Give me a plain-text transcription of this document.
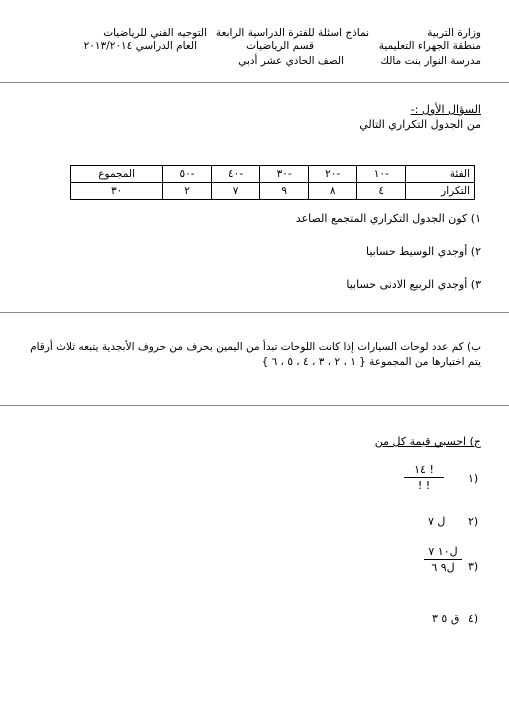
وزارة التربية
منطقة الجهراء التعليمية
مدرسة النوار بنت مالك
نماذج اسئلة للفترة الدراسية الرابعة
قسم الرياضيات
الصف الحادي عشر أدبي
التوجيه الفني للرياضيات
العام الدراسي ٢٠١٣/٢٠١٤
السؤال الأول :-
من الجدول التكراري التالي
الفئة	-١٠	-٢٠	-٣٠	-٤٠	-٥٠	المجموع
التكرار	٤	٨	٩	٧	٢	٣٠
١) كون الجدول التكراري المتجمع الصاعد
٢) أوجدي الوسيط حسابيا
٣) أوجدي الربيع الادنى حسابيا
ب) كم عدد لوحات السيارات إذا كانت اللوحات تبدأ من اليمين بحرف من حروف الأبجدية يتبعه ثلاث أرقام
يتم اختيارها من المجموعة { ١ ، ٢ ، ٣ ، ٤ ، ٥ ، ٦ }
ج) احسبي قيمة كل من
١)
١٤ !
! !
٢)
ل ٧
٣)
ل١٠ ٧
ل٩ ٦
٤)
ق ٥ ٣
